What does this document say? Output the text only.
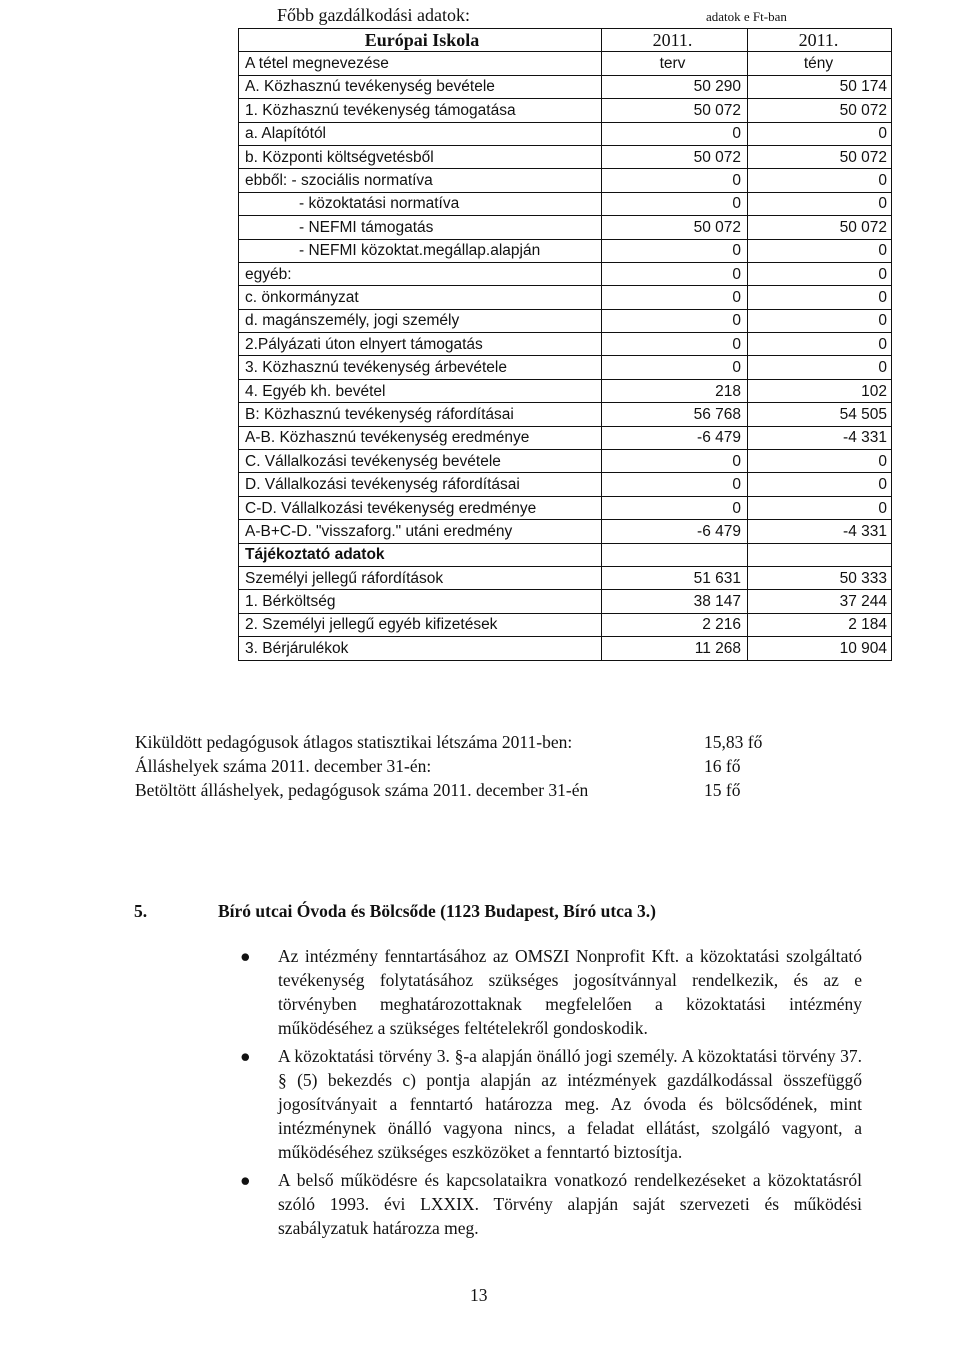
Főbb gazdálkodási adatok:	adatok e Ft-ban
Európai Iskola	2011.	2011.
A tétel megnevezése	terv	tény
A. Közhasznú tevékenység bevétele	50 290	50 174
1. Közhasznú tevékenység támogatása	50 072	50 072
a. Alapítótól	0	0
b. Központi költségvetésből	50 072	50 072
ebből: - szociális normatíva	0	0
- közoktatási normatíva	0	0
- NEFMI támogatás	50 072	50 072
- NEFMI közoktat.megállap.alapján	0	0
egyéb:	0	0
c. önkormányzat	0	0
d. magánszemély, jogi személy	0	0
2.Pályázati úton elnyert támogatás	0	0
3. Közhasznú tevékenység árbevétele	0	0
4. Egyéb kh. bevétel	218	102
B: Közhasznú tevékenység ráfordításai	56 768	54 505
A-B. Közhasznú tevékenység eredménye	-6 479	-4 331
C. Vállalkozási tevékenység bevétele	0	0
D. Vállalkozási tevékenység ráfordításai	0	0
C-D. Vállalkozási tevékenység eredménye	0	0
A-B+C-D. "visszaforg." utáni eredmény	-6 479	-4 331
Tájékoztató adatok		
Személyi jellegű ráfordítások	51 631	50 333
1. Bérköltség	38 147	37 244
2. Személyi jellegű egyéb kifizetések	2 216	2 184
3. Bérjárulékok	11 268	10 904
Kiküldött pedagógusok átlagos statisztikai létszáma 2011-ben:	15,83 fő
Álláshelyek száma 2011. december 31-én:	16 fő
Betöltött álláshelyek, pedagógusok száma 2011. december 31-én	15 fő
5.	Bíró utcai Óvoda és Bölcsőde (1123 Budapest, Bíró utca 3.)
● Az intézmény fenntartásához az OMSZI Nonprofit Kft. a közoktatási szolgáltató tevékenység folytatásához szükséges jogosítvánnyal rendelkezik, és az e törvényben meghatározottaknak megfelelően a közoktatási intézmény működéséhez a szükséges feltételekről gondoskodik.
● A közoktatási törvény 3. §-a alapján önálló jogi személy. A közoktatási törvény 37. § (5) bekezdés c) pontja alapján az intézmények gazdálkodással összefüggő jogosítványait a fenntartó határozza meg. Az óvoda és bölcsődének, mint intézménynek önálló vagyona nincs, a feladat ellátást, szolgáló vagyont, a működéséhez szükséges eszközöket a fenntartó biztosítja.
● A belső működésre és kapcsolataikra vonatkozó rendelkezéseket a közoktatásról szóló 1993. évi LXXIX. Törvény alapján saját szervezeti és működési szabályzatuk határozza meg.
13
